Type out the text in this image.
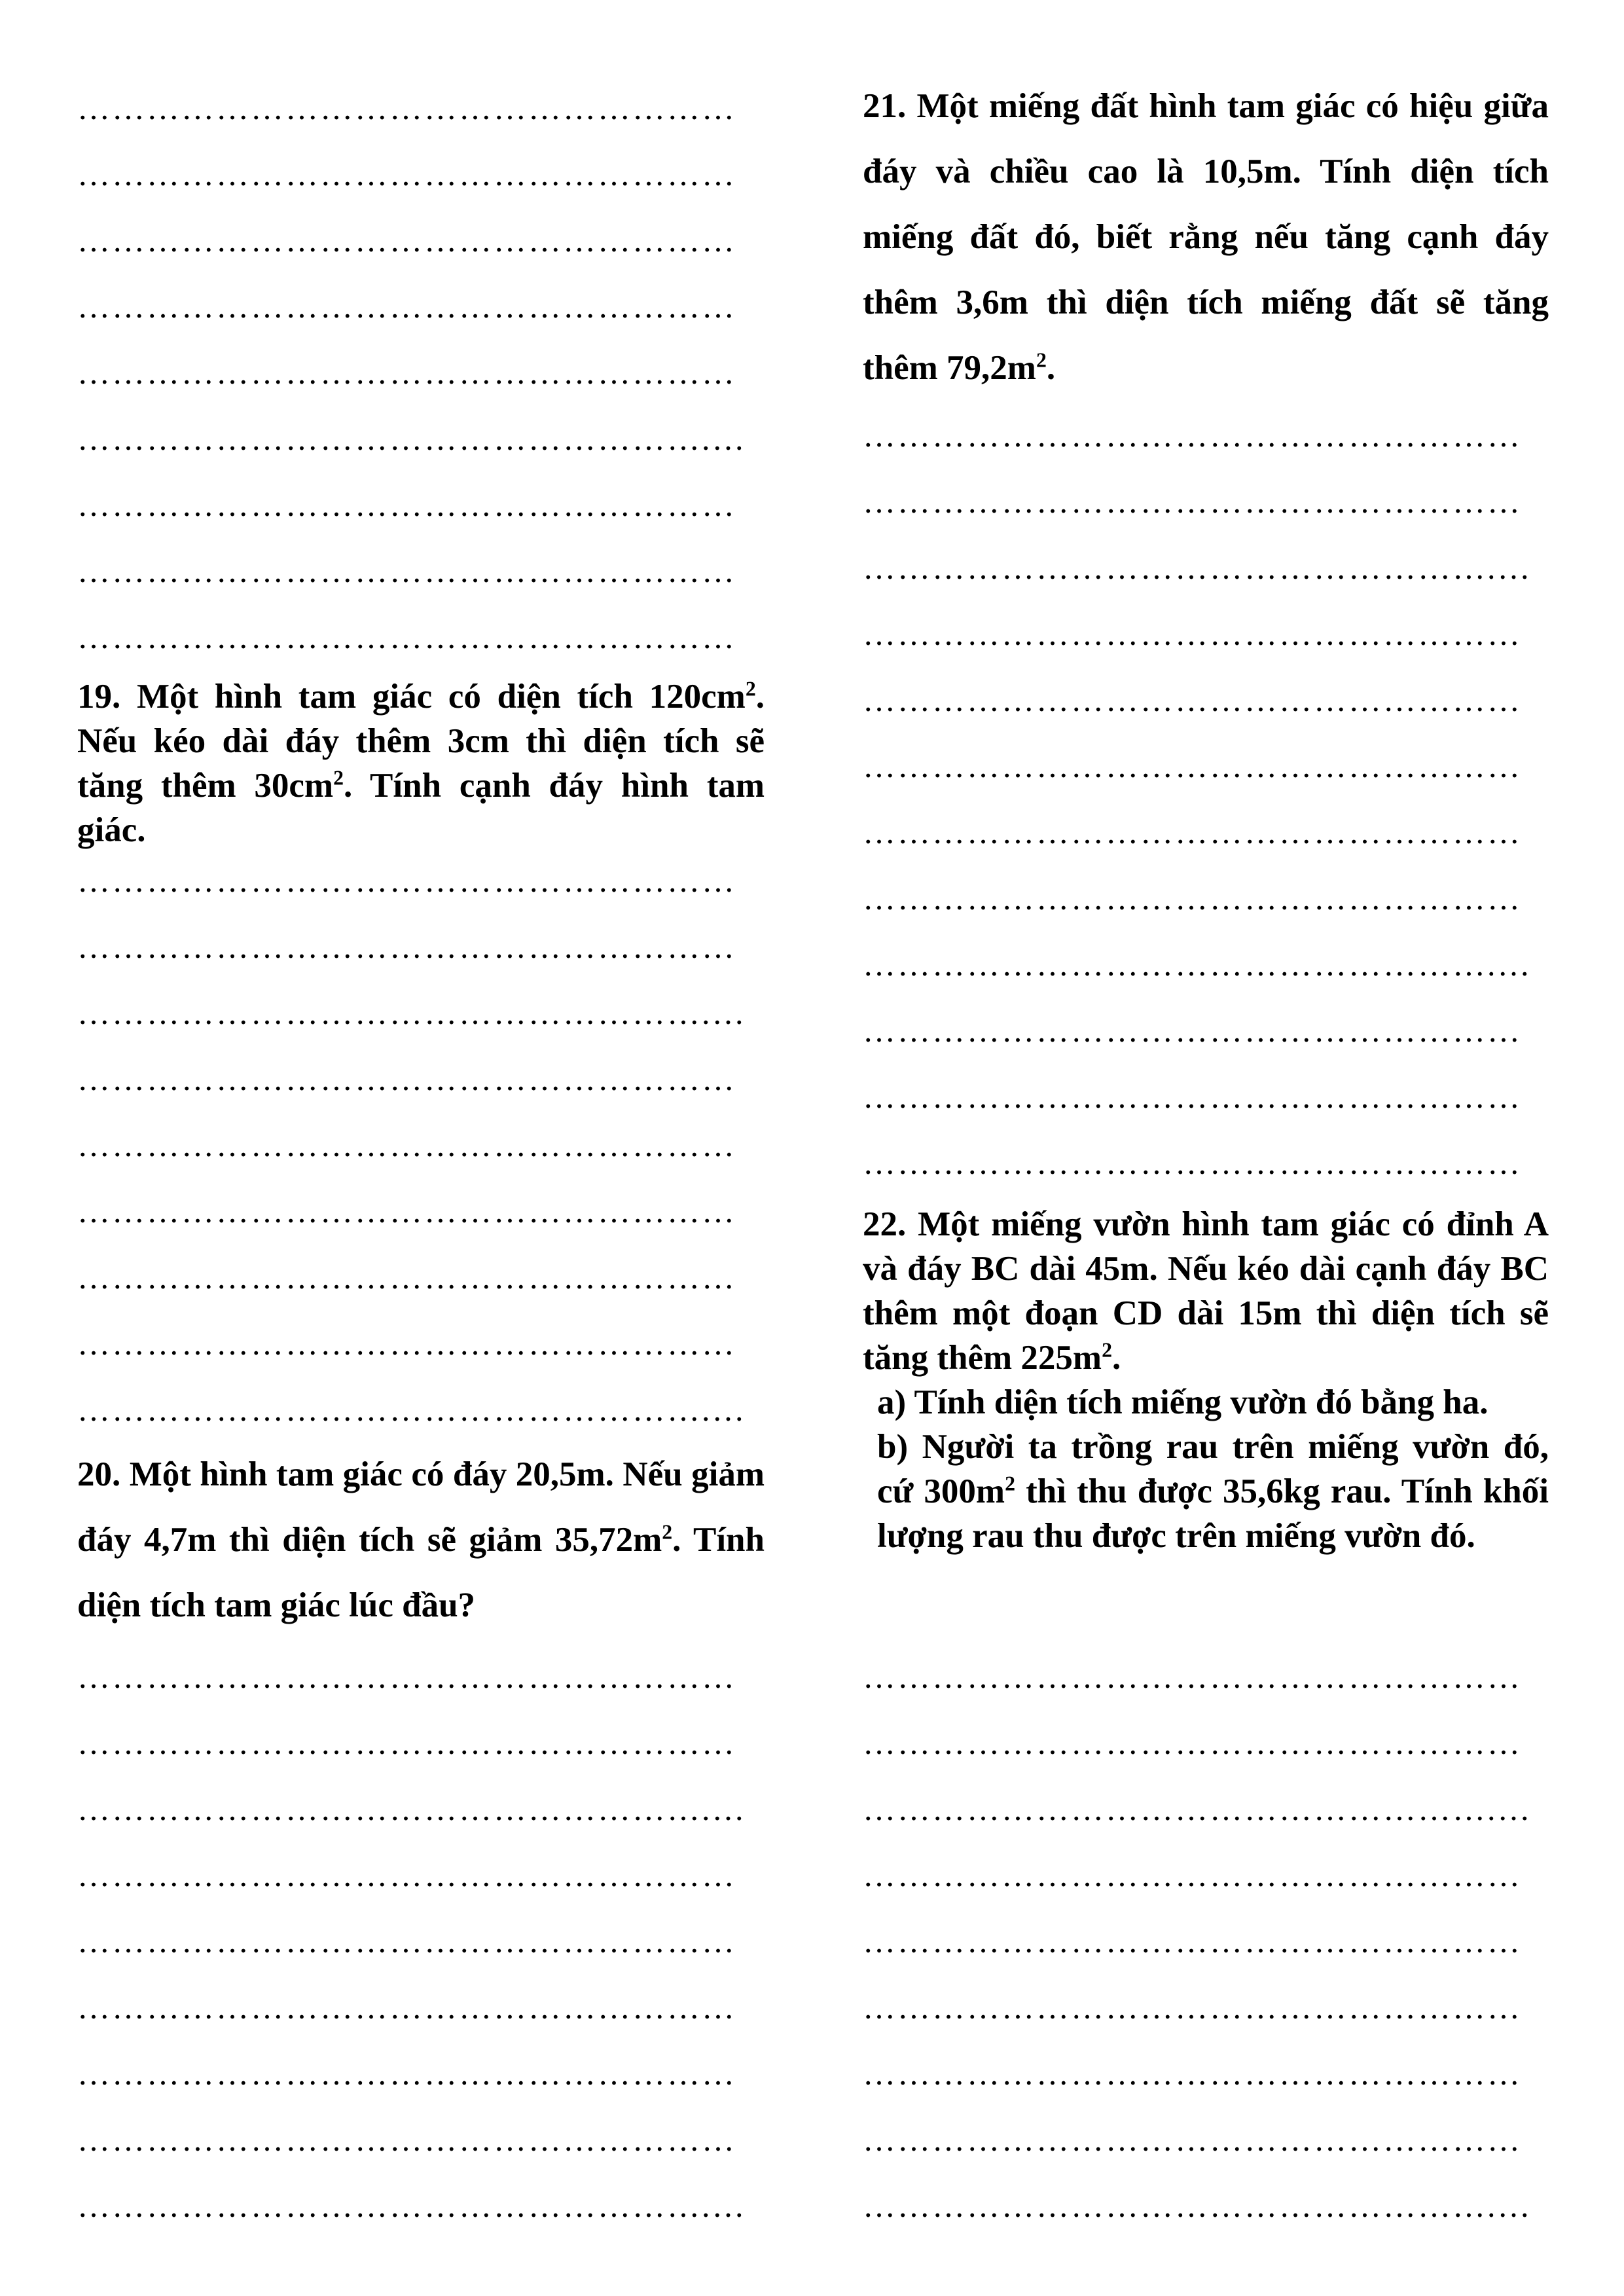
…………………………………………………
…………………………………………………
…………………………………………………
…………………………………………………
…………………………………………………
……………………………………………….…
…………………………………………………
…………………………………………………
…………………………………………………

19. Một hình tam giác có diện tích $120cm^2$. Nếu kéo dài đáy thêm 3cm thì diện tích sẽ tăng thêm $30cm^2$. Tính cạnh đáy hình tam giác.

…………………………………………………
…………………………………………………
……………………………………………….…
…………………………………………………
…………………………………………………
…………………………………………………
…………………………………………………
…………………………………………………
……………………………………………….…

20. Một hình tam giác có đáy 20,5m. Nếu giảm đáy 4,7m thì diện tích sẽ giảm $35,72m^2$. Tính diện tích tam giác lúc đầu?

…………………………………………………
…………………………………………………
……………………………………………….…
…………………………………………………
…………………………………………………
…………………………………………………
…………………………………………………
…………………………………………………
……………………………………………….…

21. Một miếng đất hình tam giác có hiệu giữa đáy và chiều cao là 10,5m. Tính diện tích miếng đất đó, biết rằng nếu tăng cạnh đáy thêm 3,6m thì diện tích miếng đất sẽ tăng thêm $79,2m^2$.

…………………………………………………
…………………………………………………
……………………………………………….…
…………………………………………………
…………………………………………………
…………………………………………………
…………………………………………………
…………………………………………………
……………………………………………….…
…………………………………………………
…………………………………………………
…………………………………………………

22. Một miếng vườn hình tam giác có đỉnh A và đáy BC dài 45m. Nếu kéo dài cạnh đáy BC thêm một đoạn CD dài 15m thì diện tích sẽ tăng thêm $225m^2$.

a) Tính diện tích miếng vườn đó bằng ha.

b) Người ta trồng rau trên miếng vườn đó, cứ $300m^2$ thì thu được 35,6kg rau. Tính khối lượng rau thu được trên miếng vườn đó.

…………………………………………………
…………………………………………………
……………………………………………….…
…………………………………………………
…………………………………………………
…………………………………………………
…………………………………………………
…………………………………………………
……………………………………………….…
